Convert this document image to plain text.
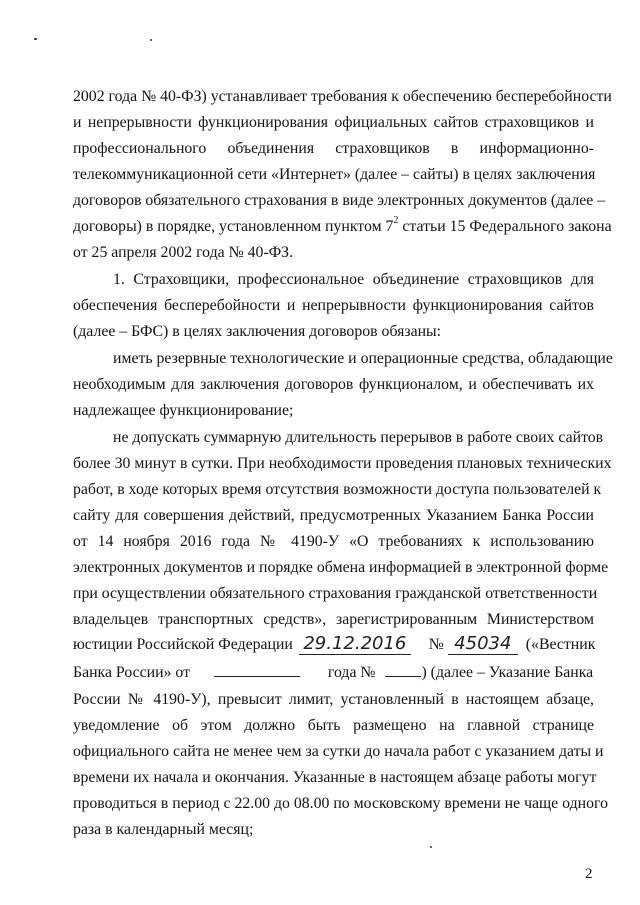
2002 года № 40-ФЗ) устанавливает требования к обеспечению бесперебойности
и непрерывности функционирования официальных сайтов страховщиков и
профессионального объединения страховщиков в информационно-
телекоммуникационной сети «Интернет» (далее – сайты) в целях заключения
договоров обязательного страхования в виде электронных документов (далее –
договоры) в порядке, установленном пунктом $7^2$ статьи 15 Федерального закона
от 25 апреля 2002 года № 40-ФЗ.
1. Страховщики, профессиональное объединение страховщиков для
обеспечения бесперебойности и непрерывности функционирования сайтов
(далее – БФС) в целях заключения договоров обязаны:
иметь резервные технологические и операционные средства, обладающие
необходимым для заключения договоров функционалом, и обеспечивать их
надлежащее функционирование;
не допускать суммарную длительность перерывов в работе своих сайтов
более 30 минут в сутки. При необходимости проведения плановых технических
работ, в ходе которых время отсутствия возможности доступа пользователей к
сайту для совершения действий, предусмотренных Указанием Банка России
от 14 ноября 2016 года № 4190-У «О требованиях к использованию
электронных документов и порядке обмена информацией в электронной форме
при осуществлении обязательного страхования гражданской ответственности
владельцев транспортных средств», зарегистрированным Министерством
юстиции Российской Федерации 29.12.2016 № 45034 («Вестник
Банка России» от	года №	) (далее – Указание Банка
России № 4190-У), превысит лимит, установленный в настоящем абзаце,
уведомление об этом должно быть размещено на главной странице
официального сайта не менее чем за сутки до начала работ с указанием даты и
времени их начала и окончания. Указанные в настоящем абзаце работы могут
проводиться в период с 22.00 до 08.00 по московскому времени не чаще одного
раза в календарный месяц;
2
